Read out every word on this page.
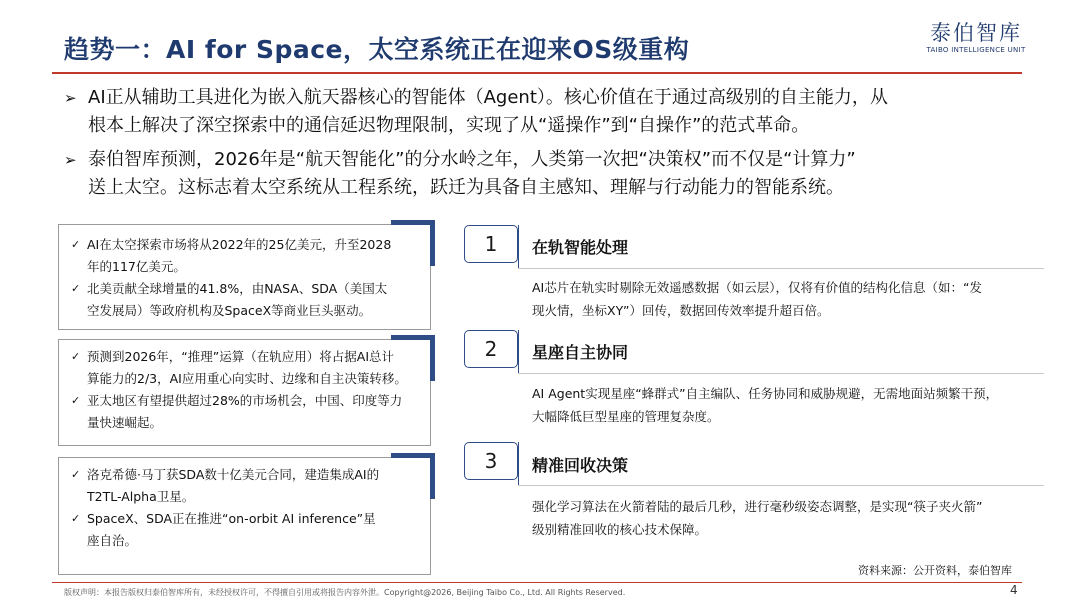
趋势一：AI for Space，太空系统正在迎来OS级重构
泰伯智库
TAIBO INTELLIGENCE UNIT
➢ AI正从辅助工具进化为嵌入航天器核心的智能体（Agent）。核心价值在于通过高级别的自主能力，从
根本上解决了深空探索中的通信延迟物理限制，实现了从“遥操作”到“自操作”的范式革命。
➢ 泰伯智库预测，2026年是“航天智能化”的分水岭之年，人类第一次把“决策权”而不仅是“计算力”
送上太空。这标志着太空系统从工程系统，跃迁为具备自主感知、理解与行动能力的智能系统。
✓ AI在太空探索市场将从2022年的25亿美元，升至2028
年的117亿美元。
✓ 北美贡献全球增量的41.8%，由NASA、SDA（美国太
空发展局）等政府机构及SpaceX等商业巨头驱动。
✓ 预测到2026年，“推理”运算（在轨应用）将占据AI总计
算能力的2/3，AI应用重心向实时、边缘和自主决策转移。
✓ 亚太地区有望提供超过28%的市场机会，中国、印度等力
量快速崛起。
✓ 洛克希德·马丁获SDA数十亿美元合同，建造集成AI的
T2TL-Alpha卫星。
✓ SpaceX、SDA正在推进“on-orbit AI inference”星
座自治。
1	在轨智能处理
AI芯片在轨实时剔除无效遥感数据（如云层），仅将有价值的结构化信息（如：“发
现火情，坐标XY”）回传，数据回传效率提升超百倍。
2	星座自主协同
AI Agent实现星座“蜂群式”自主编队、任务协同和威胁规避，无需地面站频繁干预，
大幅降低巨型星座的管理复杂度。
3	精准回收决策
强化学习算法在火箭着陆的最后几秒，进行毫秒级姿态调整，是实现“筷子夹火箭”
级别精准回收的核心技术保障。
资料来源：公开资料，泰伯智库
版权声明：本报告版权归泰伯智库所有，未经授权许可，不得擅自引用或将报告内容外泄。Copyright@2026, Beijing Taibo Co., Ltd. All Rights Reserved.	4
